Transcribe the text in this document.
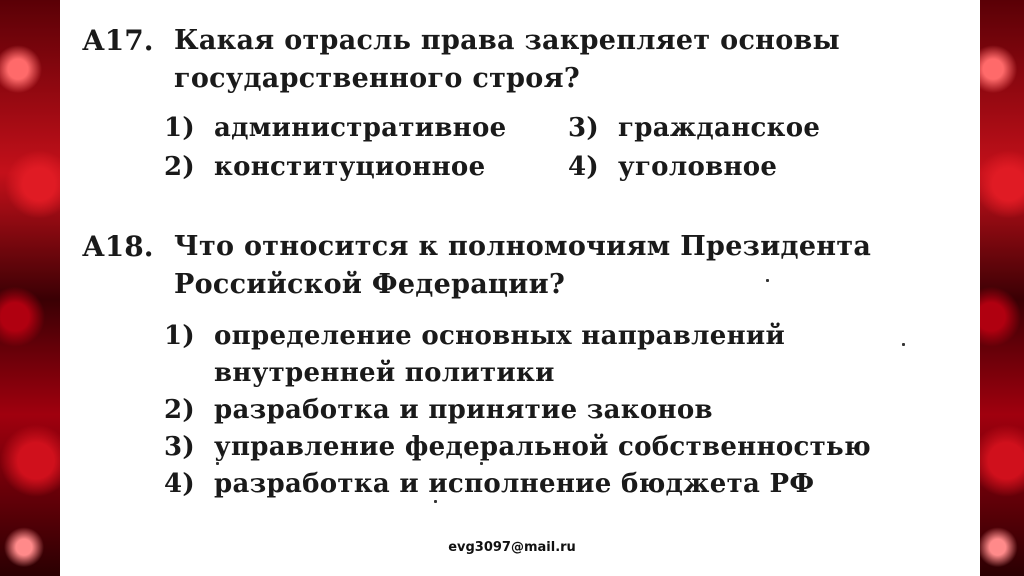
А17. Какая отрасль права закрепляет основы государственного строя?
1) административное 3) гражданское
2) конституционное	4) уголовное
А18. Что относится к полномочиям Президента Российской Федерации?
1) определение основных направлений внутренней политики
2) разработка и принятие законов
3) управление федеральной собственностью
4) разработка и исполнение бюджета РФ
evg3097@mail.ru
